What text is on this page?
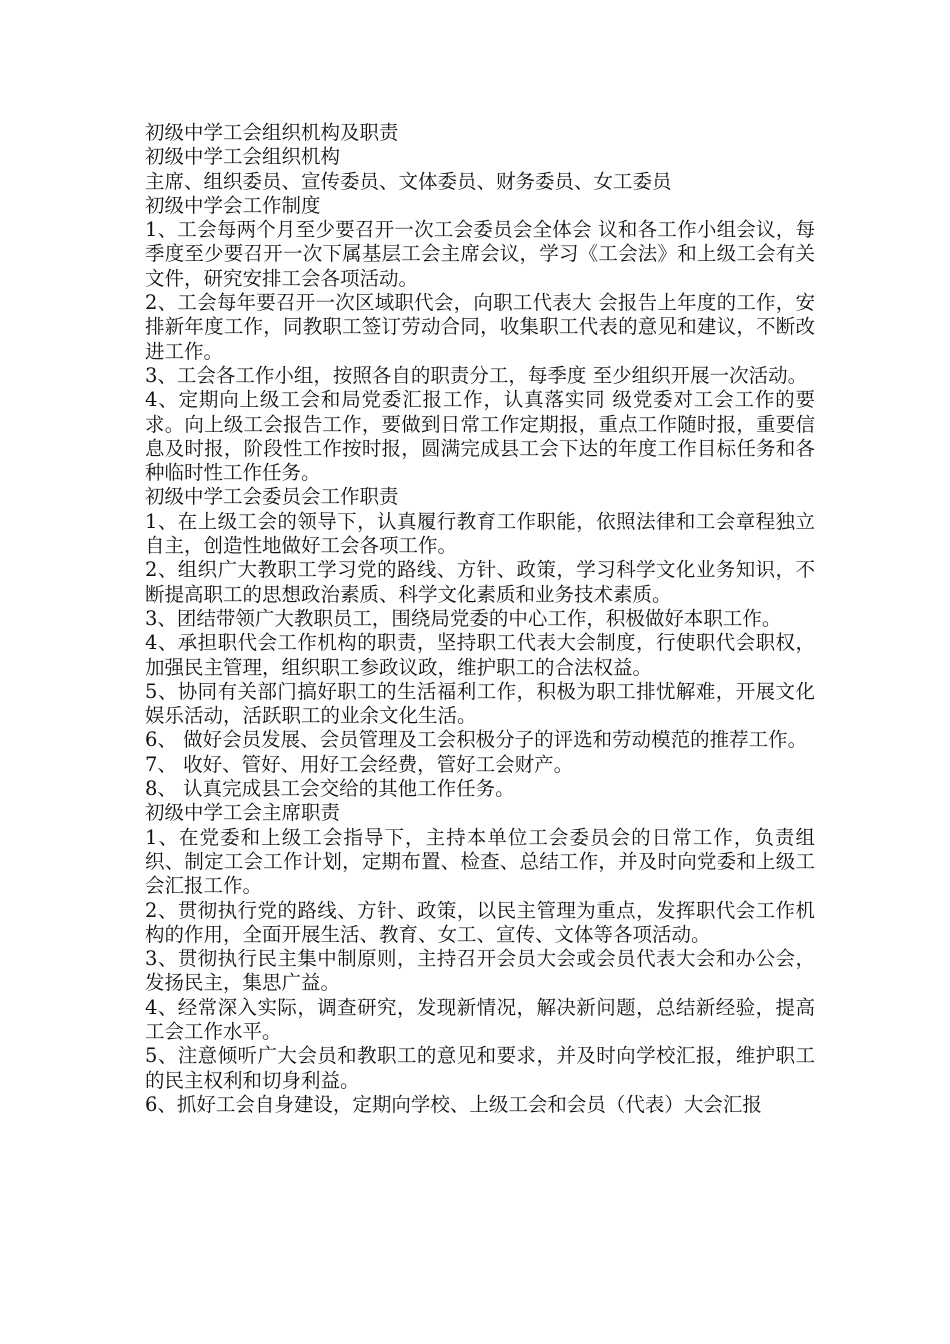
初级中学工会组织机构及职责
初级中学工会组织机构
主席、组织委员、宣传委员、文体委员、财务委员、女工委员
初级中学会工作制度
1、工会每两个月至少要召开一次工会委员会全体会 议和各工作小组会议，每季度至少要召开一次下属基层工会主席会议，学习《工会法》和上级工会有关文件，研究安排工会各项活动。
2、工会每年要召开一次区域职代会，向职工代表大 会报告上年度的工作，安排新年度工作，同教职工签订劳动合同，收集职工代表的意见和建议，不断改进工作。
3、工会各工作小组，按照各自的职责分工，每季度 至少组织开展一次活动。
4、定期向上级工会和局党委汇报工作，认真落实同 级党委对工会工作的要求。向上级工会报告工作，要做到日常工作定期报，重点工作随时报，重要信息及时报，阶段性工作按时报，圆满完成县工会下达的年度工作目标任务和各种临时性工作任务。
初级中学工会委员会工作职责
1、在上级工会的领导下，认真履行教育工作职能，依照法律和工会章程独立自主，创造性地做好工会各项工作。
2、组织广大教职工学习党的路线、方针、政策，学习科学文化业务知识，不断提高职工的思想政治素质、科学文化素质和业务技术素质。
3、团结带领广大教职员工，围绕局党委的中心工作，积极做好本职工作。
4、承担职代会工作机构的职责，坚持职工代表大会制度，行使职代会职权，加强民主管理，组织职工参政议政，维护职工的合法权益。
5、协同有关部门搞好职工的生活福利工作，积极为职工排忧解难，开展文化娱乐活动，活跃职工的业余文化生活。
6、 做好会员发展、会员管理及工会积极分子的评选和劳动模范的推荐工作。
7、 收好、管好、用好工会经费，管好工会财产。
8、 认真完成县工会交给的其他工作任务。
初级中学工会主席职责
1、在党委和上级工会指导下，主持本单位工会委员会的日常工作，负责组织、制定工会工作计划，定期布置、检查、总结工作，并及时向党委和上级工会汇报工作。
2、贯彻执行党的路线、方针、政策，以民主管理为重点，发挥职代会工作机构的作用，全面开展生活、教育、女工、宣传、文体等各项活动。
3、贯彻执行民主集中制原则，主持召开会员大会或会员代表大会和办公会，发扬民主，集思广益。
4、经常深入实际，调查研究，发现新情况，解决新问题，总结新经验，提高工会工作水平。
5、注意倾听广大会员和教职工的意见和要求，并及时向学校汇报，维护职工的民主权利和切身利益。
6、抓好工会自身建设，定期向学校、上级工会和会员（代表）大会汇报
